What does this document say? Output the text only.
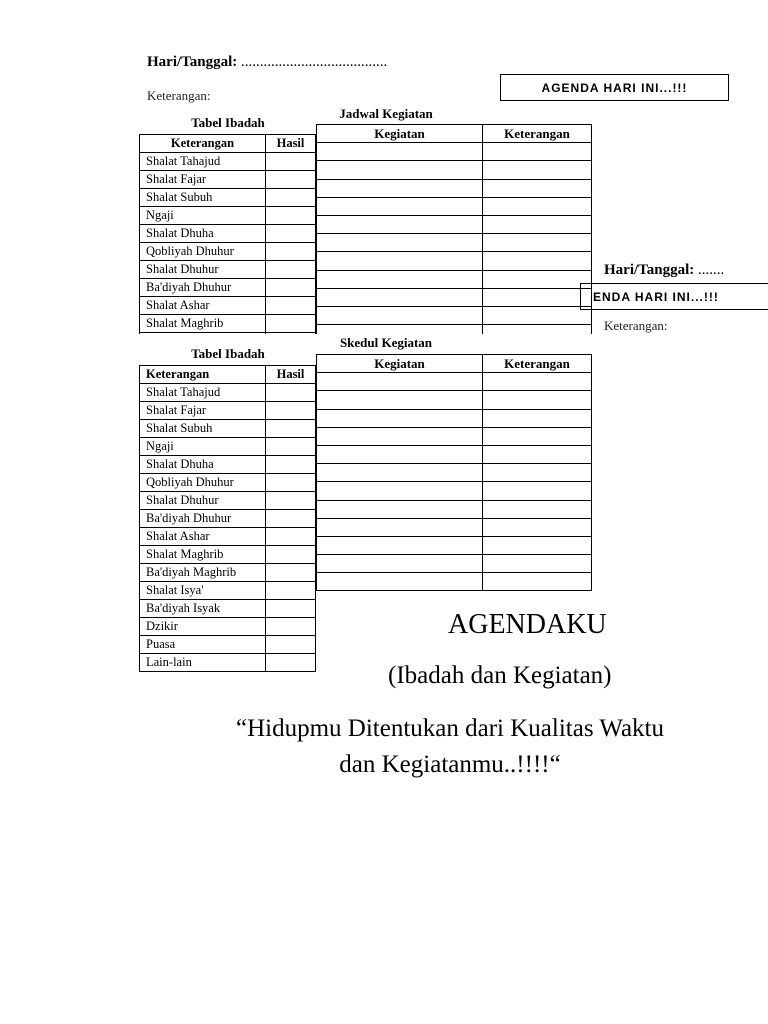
Hari/Tanggal: .......................................
Keterangan:
AGENDA HARI INI...!!!
Tabel Ibadah
Keterangan	Hasil
Shalat Tahajud	
Shalat Fajar	
Shalat Subuh	
Ngaji	
Shalat Dhuha	
Qobliyah Dhuhur	
Shalat Dhuhur	
Ba'diyah Dhuhur	
Shalat Ashar	
Shalat Maghrib	

Jadwal Kegiatan
Kegiatan	Keterangan

Hari/Tanggal: .......
ENDA HARI INI...!!!
Keterangan:
Tabel Ibadah
Keterangan	Hasil
Shalat Tahajud	
Shalat Fajar	
Shalat Subuh	
Ngaji	
Shalat Dhuha	
Qobliyah Dhuhur	
Shalat Dhuhur	
Ba'diyah Dhuhur	
Shalat Ashar	
Shalat Maghrib	
Ba'diyah Maghrib	
Shalat Isya'	
Ba'diyah Isyak	
Dzikir	
Puasa	
Lain-lain	
Skedul Kegiatan
Kegiatan	Keterangan

AGENDAKU
(Ibadah dan Kegiatan)
“Hidupmu Ditentukan dari Kualitas Waktu
dan Kegiatanmu..!!!!“
